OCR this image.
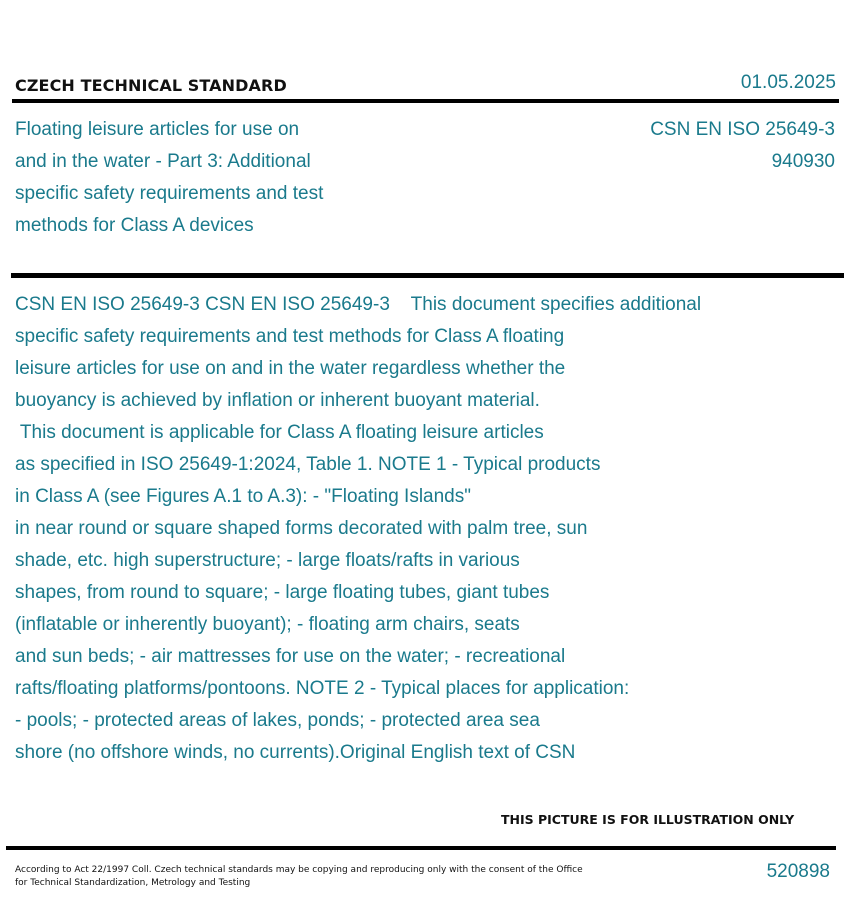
CZECH TECHNICAL STANDARD	01.05.2025
Floating leisure articles for use on
and in the water - Part 3: Additional
specific safety requirements and test
methods for Class A devices
CSN EN ISO 25649-3
940930
CSN EN ISO 25649-3 CSN EN ISO 25649-3    This document specifies additional
specific safety requirements and test methods for Class A floating
leisure articles for use on and in the water regardless whether the
buoyancy is achieved by inflation or inherent buoyant material.
This document is applicable for Class A floating leisure articles
as specified in ISO 25649-1:2024, Table 1. NOTE 1 - Typical products
in Class A (see Figures A.1 to A.3): - "Floating Islands"
in near round or square shaped forms decorated with palm tree, sun
shade, etc. high superstructure; - large floats/rafts in various
shapes, from round to square; - large floating tubes, giant tubes
(inflatable or inherently buoyant); - floating arm chairs, seats
and sun beds; - air mattresses for use on the water; - recreational
rafts/floating platforms/pontoons. NOTE 2 - Typical places for application:
- pools; - protected areas of lakes, ponds; - protected area sea
shore (no offshore winds, no currents).Original English text of CSN
THIS PICTURE IS FOR ILLUSTRATION ONLY
According to Act 22/1997 Coll. Czech technical standards may be copying and reproducing only with the consent of the Office
for Technical Standardization, Metrology and Testing
520898
